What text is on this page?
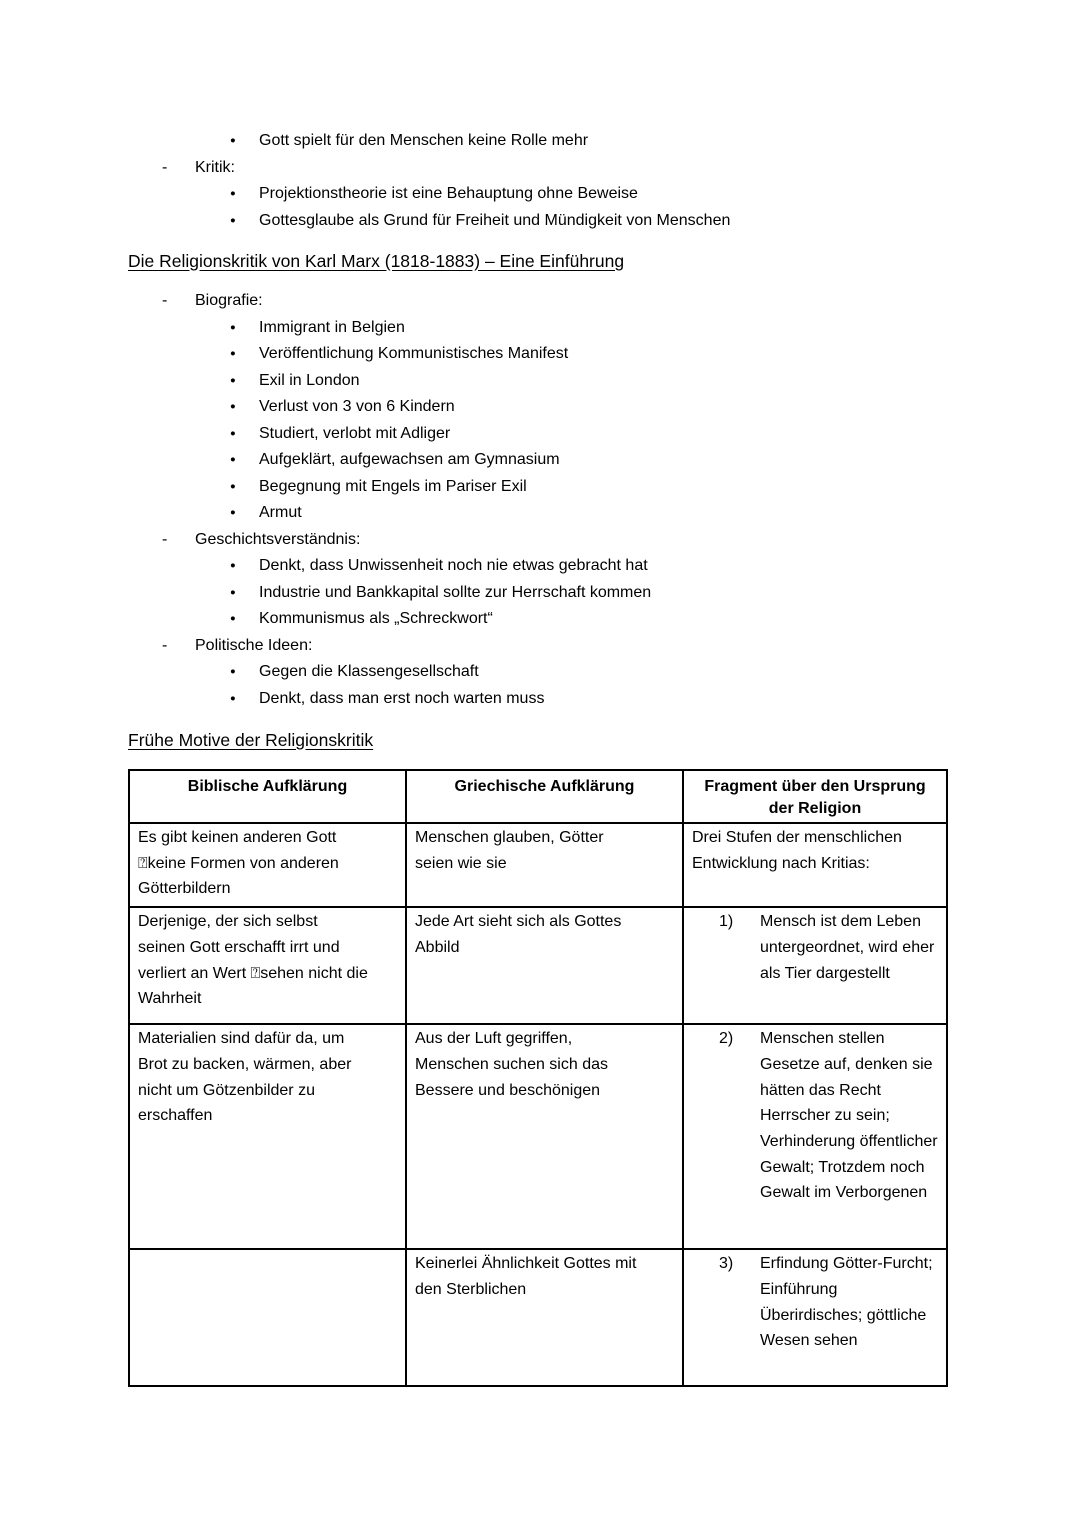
●	Gott spielt für den Menschen keine Rolle mehr
-	Kritik:
●	Projektionstheorie ist eine Behauptung ohne Beweise
●	Gottesglaube als Grund für Freiheit und Mündigkeit von Menschen
Die Religionskritik von Karl Marx (1818-1883) – Eine Einführung
-	Biografie:
●	Immigrant in Belgien
●	Veröffentlichung Kommunistisches Manifest
●	Exil in London
●	Verlust von 3 von 6 Kindern
●	Studiert, verlobt mit Adliger
●	Aufgeklärt, aufgewachsen am Gymnasium
●	Begegnung mit Engels im Pariser Exil
●	Armut
-	Geschichtsverständnis:
●	Denkt, dass Unwissenheit noch nie etwas gebracht hat
●	Industrie und Bankkapital sollte zur Herrschaft kommen
●	Kommunismus als „Schreckwort“
-	Politische Ideen:
●	Gegen die Klassengesellschaft
●	Denkt, dass man erst noch warten muss
Frühe Motive der Religionskritik
Biblische Aufklärung	Griechische Aufklärung	Fragment über den Ursprung der Religion
Es gibt keinen anderen Gott ⍰keine Formen von anderen Götterbildern	Menschen glauben, Götter seien wie sie	Drei Stufen der menschlichen Entwicklung nach Kritias:
Derjenige, der sich selbst seinen Gott erschafft irrt und verliert an Wert ⍰sehen nicht die Wahrheit	Jede Art sieht sich als Gottes Abbild	1) Mensch ist dem Leben untergeordnet, wird eher als Tier dargestellt

Materialien sind dafür da, um Brot zu backen, wärmen, aber nicht um Götzenbilder zu erschaffen	Aus der Luft gegriffen, Menschen suchen sich das Bessere und beschönigen	2) Menschen stellen Gesetze auf, denken sie hätten das Recht Herrscher zu sein; Verhinderung öffentlicher Gewalt; Trotzdem noch Gewalt im Verborgenen

	Keinerlei Ähnlichkeit Gottes mit den Sterblichen	3) Erfindung Götter-Furcht; Einführung Überirdisches; göttliche Wesen sehen
